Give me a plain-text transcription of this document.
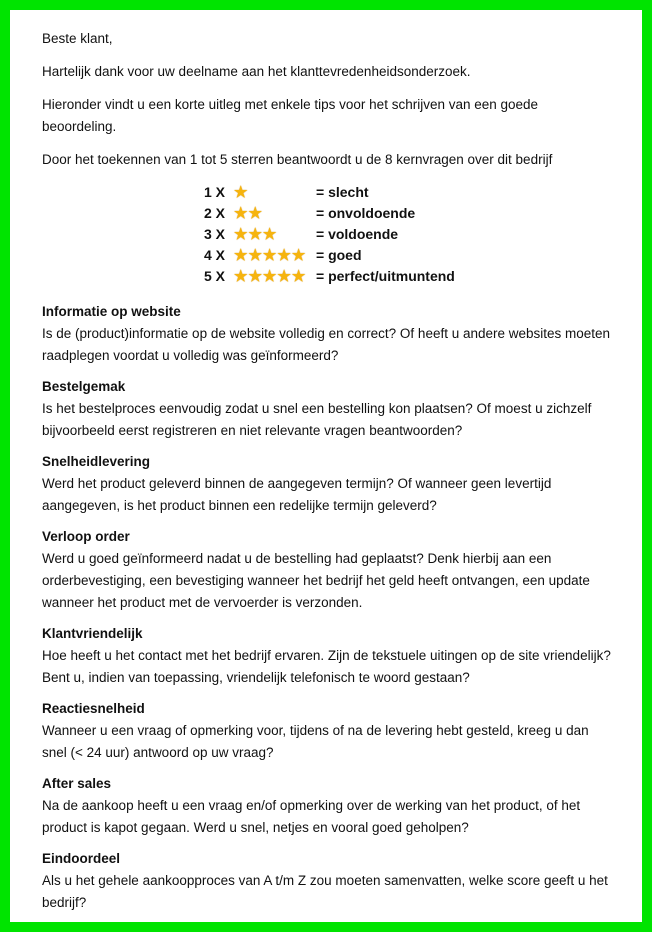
Beste klant,

Hartelijk dank voor uw deelname aan het klanttevredenheidsonderzoek.

Hieronder vindt u een korte uitleg met enkele tips voor het schrijven van een goede beoordeling.

Door het toekennen van 1 tot 5 sterren beantwoordt u de 8 kernvragen over dit bedrijf

1 X ★	= slecht
2 X ★ ★	= onvoldoende
3 X ★ ★ ★	= voldoende
4 X ★ ★ ★ ★ ★ = goed
5 X ★ ★ ★ ★ ★ = perfect/uitmuntend
Informatie op website

Is de (product)informatie op de website volledig en correct? Of heeft u andere websites moeten raadplegen voordat u volledig was geïnformeerd?

Bestelgemak

Is het bestelproces eenvoudig zodat u snel een bestelling kon plaatsen? Of moest u zichzelf bijvoorbeeld eerst registreren en niet relevante vragen beantwoorden?

Snelheidlevering

Werd het product geleverd binnen de aangegeven termijn? Of wanneer geen levertijd aangegeven, is het product binnen een redelijke termijn geleverd?

Verloop order

Werd u goed geïnformeerd nadat u de bestelling had geplaatst? Denk hierbij aan een orderbevestiging, een bevestiging wanneer het bedrijf het geld heeft ontvangen, een update wanneer het product met de vervoerder is verzonden.

Klantvriendelijk

Hoe heeft u het contact met het bedrijf ervaren. Zijn de tekstuele uitingen op de site vriendelijk? Bent u, indien van toepassing, vriendelijk telefonisch te woord gestaan?

Reactiesnelheid

Wanneer u een vraag of opmerking voor, tijdens of na de levering hebt gesteld, kreeg u dan snel (< 24 uur) antwoord op uw vraag?

After sales

Na de aankoop heeft u een vraag en/of opmerking over de werking van het product, of het product is kapot gegaan. Werd u snel, netjes en vooral goed geholpen?

Eindoordeel

Als u het gehele aankoopproces van A t/m Z zou moeten samenvatten, welke score geeft u het bedrijf?
